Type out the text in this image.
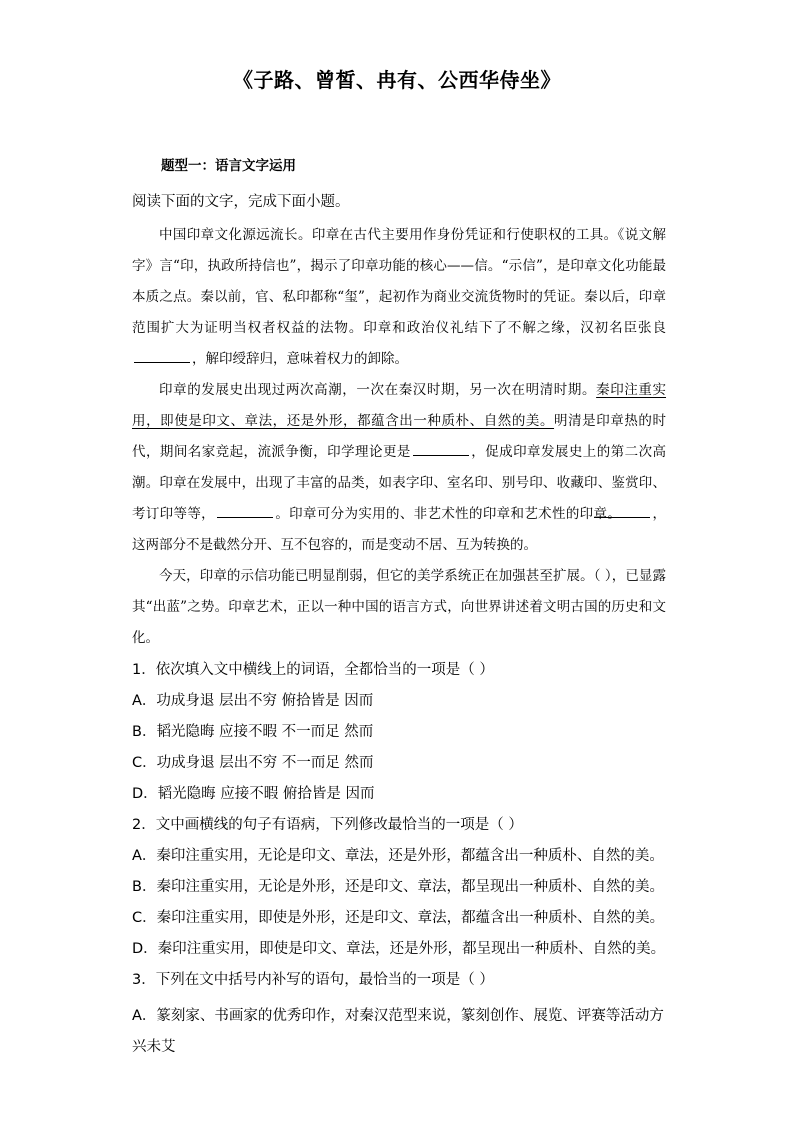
《子路、曾皙、冉有、公西华侍坐》
题型一：语言文字运用
阅读下面的文字，完成下面小题。

中国印章文化源远流长。印章在古代主要用作身份凭证和行使职权的工具。《说文解字》言“印，执政所持信也”，揭示了印章功能的核心——信。“示信”，是印章文化功能最本质之点。秦以前，官、私印都称“玺”，起初作为商业交流货物时的凭证。秦以后，印章范围扩大为证明当权者权益的法物。印章和政治仪礼结下了不解之缘，汉初名臣张良，解印绶辞归，意味着权力的卸除。

印章的发展史出现过两次高潮，一次在秦汉时期，另一次在明清时期。秦印注重实用，即使是印文、章法，还是外形，都蕴含出一种质朴、自然的美。明清是印章热的时代，期间名家竞起，流派争衡，印学理论更是	，促成印章发展史上的第二次高潮。印章在发展中，出现了丰富的品类，如表字印、室名印、别号印、收藏印、鉴赏印、考订印等等，	。印章可分为实用的、非艺术性的印章和艺术性的印章。 ，这两部分不是截然分开、互不包容的，而是变动不居、互为转换的。

今天，印章的示信功能已明显削弱，但它的美学系统正在加强甚至扩展。（ ），已显露其“出蓝”之势。印章艺术，正以一种中国的语言方式，向世界讲述着文明古国的历史和文化。

1．依次填入文中横线上的词语，全都恰当的一项是（ ）
A．功成身退 层出不穷 俯拾皆是 因而
B．韬光隐晦 应接不暇 不一而足 然而
C．功成身退 层出不穷 不一而足 然而
D．韬光隐晦 应接不暇 俯拾皆是 因而
2．文中画横线的句子有语病，下列修改最恰当的一项是（ ）
A．秦印注重实用，无论是印文、章法，还是外形，都蕴含出一种质朴、自然的美。
B．秦印注重实用，无论是外形，还是印文、章法，都呈现出一种质朴、自然的美。
C．秦印注重实用，即使是外形，还是印文、章法，都蕴含出一种质朴、自然的美。
D．秦印注重实用，即使是印文、章法，还是外形，都呈现出一种质朴、自然的美。
3．下列在文中括号内补写的语句，最恰当的一项是（ ）
A．篆刻家、书画家的优秀印作，对秦汉范型来说，篆刻创作、展览、评赛等活动方兴未艾
